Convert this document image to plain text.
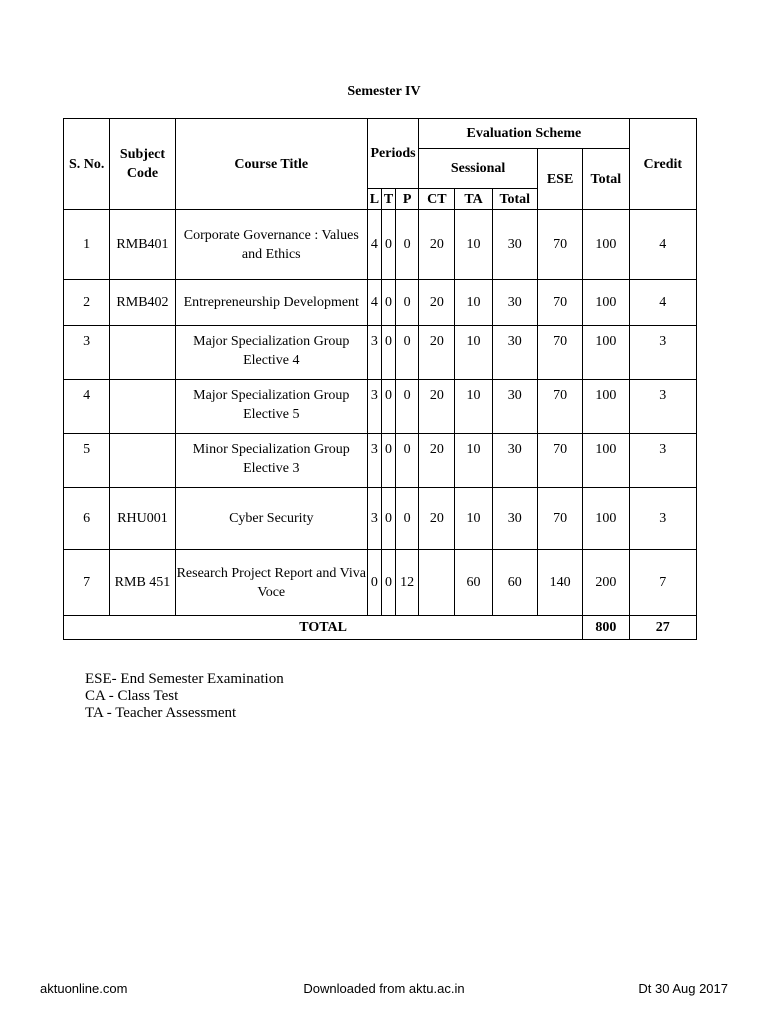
Semester IV
S. No.	Subject Code	Course Title	Periods			Evaluation Scheme					Credit
						Sessional			ESE	Total	
			L	T	P	CT	TA	Total			
1	RMB401	Corporate Governance : Values and Ethics	4	0	0	20	10	30	70	100	4
2	RMB402	Entrepreneurship Development	4	0	0	20	10	30	70	100	4
3		Major Specialization Group Elective 4	3	0	0	20	10	30	70	100	3
4		Major Specialization Group Elective 5	3	0	0	20	10	30	70	100	3
5		Minor Specialization Group Elective 3	3	0	0	20	10	30	70	100	3
6	RHU001	Cyber Security	3	0	0	20	10	30	70	100	3
7	RMB 451	Research Project Report and Viva Voce	0	0	12		60	60	140	200	7
TOTAL										800	27
ESE- End Semester Examination
CA - Class Test
TA - Teacher Assessment
aktuonline.com	Downloaded from aktu.ac.in	Dt 30 Aug 2017
